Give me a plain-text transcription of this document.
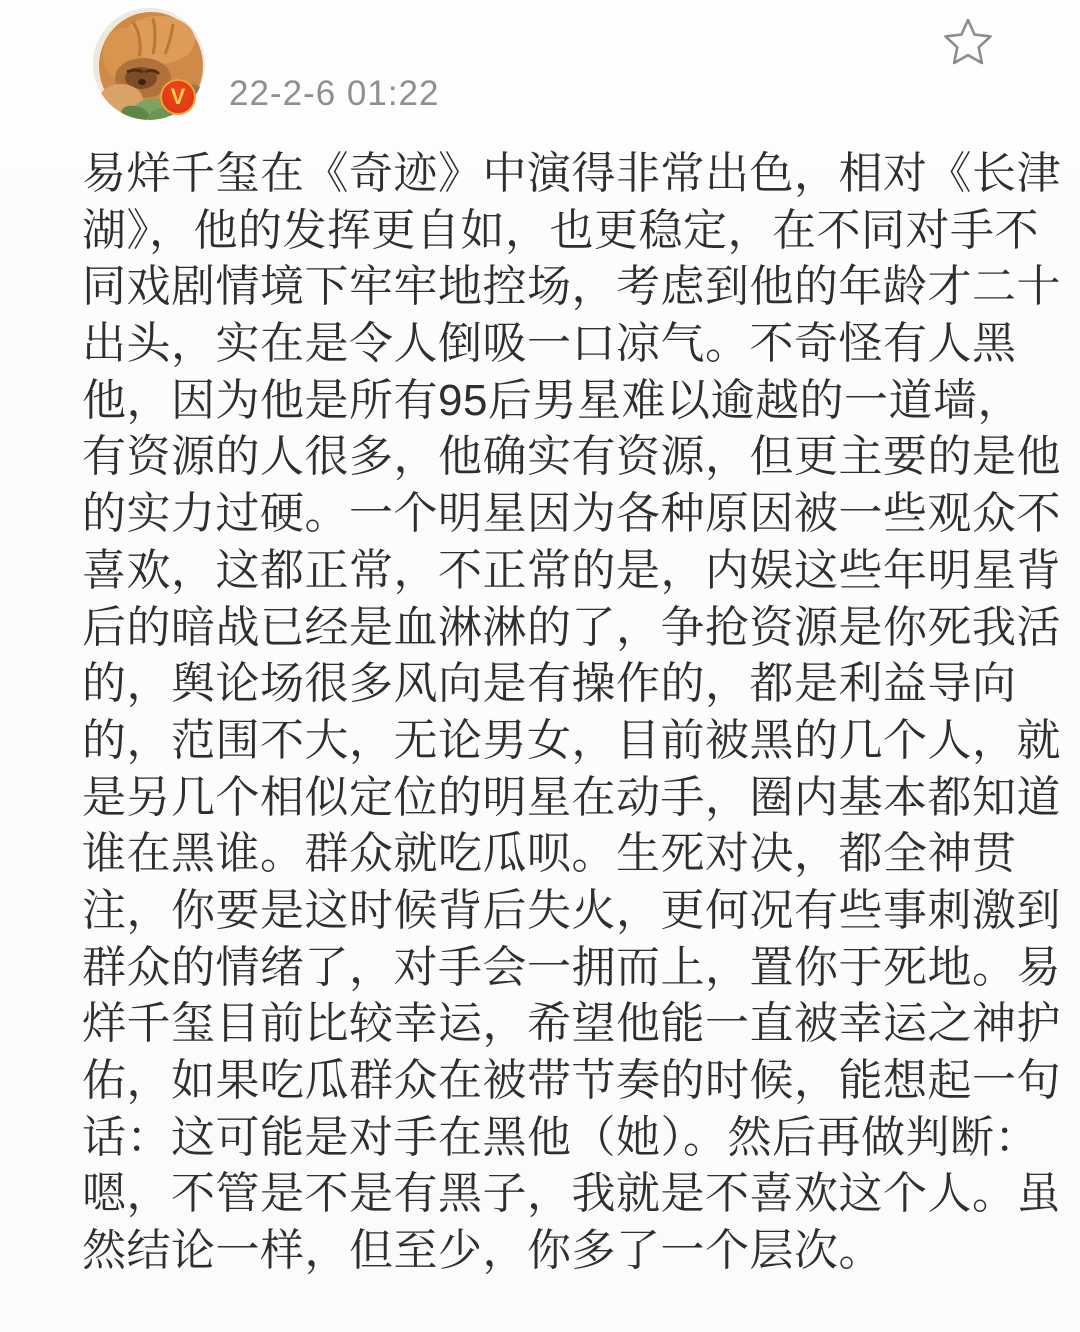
V 22-2-6 01:22
易烊千玺在《奇迹》中演得非常出色，相对《长津
湖》，他的发挥更自如，也更稳定，在不同对手不
同戏剧情境下牢牢地控场，考虑到他的年龄才二十
出头，实在是令人倒吸一口凉气。不奇怪有人黑
他，因为他是所有95后男星难以逾越的一道墙，
有资源的人很多，他确实有资源，但更主要的是他
的实力过硬。一个明星因为各种原因被一些观众不
喜欢，这都正常，不正常的是，内娱这些年明星背
后的暗战已经是血淋淋的了，争抢资源是你死我活
的，舆论场很多风向是有操作的，都是利益导向
的，范围不大，无论男女，目前被黑的几个人，就
是另几个相似定位的明星在动手，圈内基本都知道
谁在黑谁。群众就吃瓜呗。生死对决，都全神贯
注，你要是这时候背后失火，更何况有些事刺激到
群众的情绪了，对手会一拥而上，置你于死地。易
烊千玺目前比较幸运，希望他能一直被幸运之神护
佑，如果吃瓜群众在被带节奏的时候，能想起一句
话：这可能是对手在黑他（她）。然后再做判断：
嗯，不管是不是有黑子，我就是不喜欢这个人。虽
然结论一样，但至少，你多了一个层次。
